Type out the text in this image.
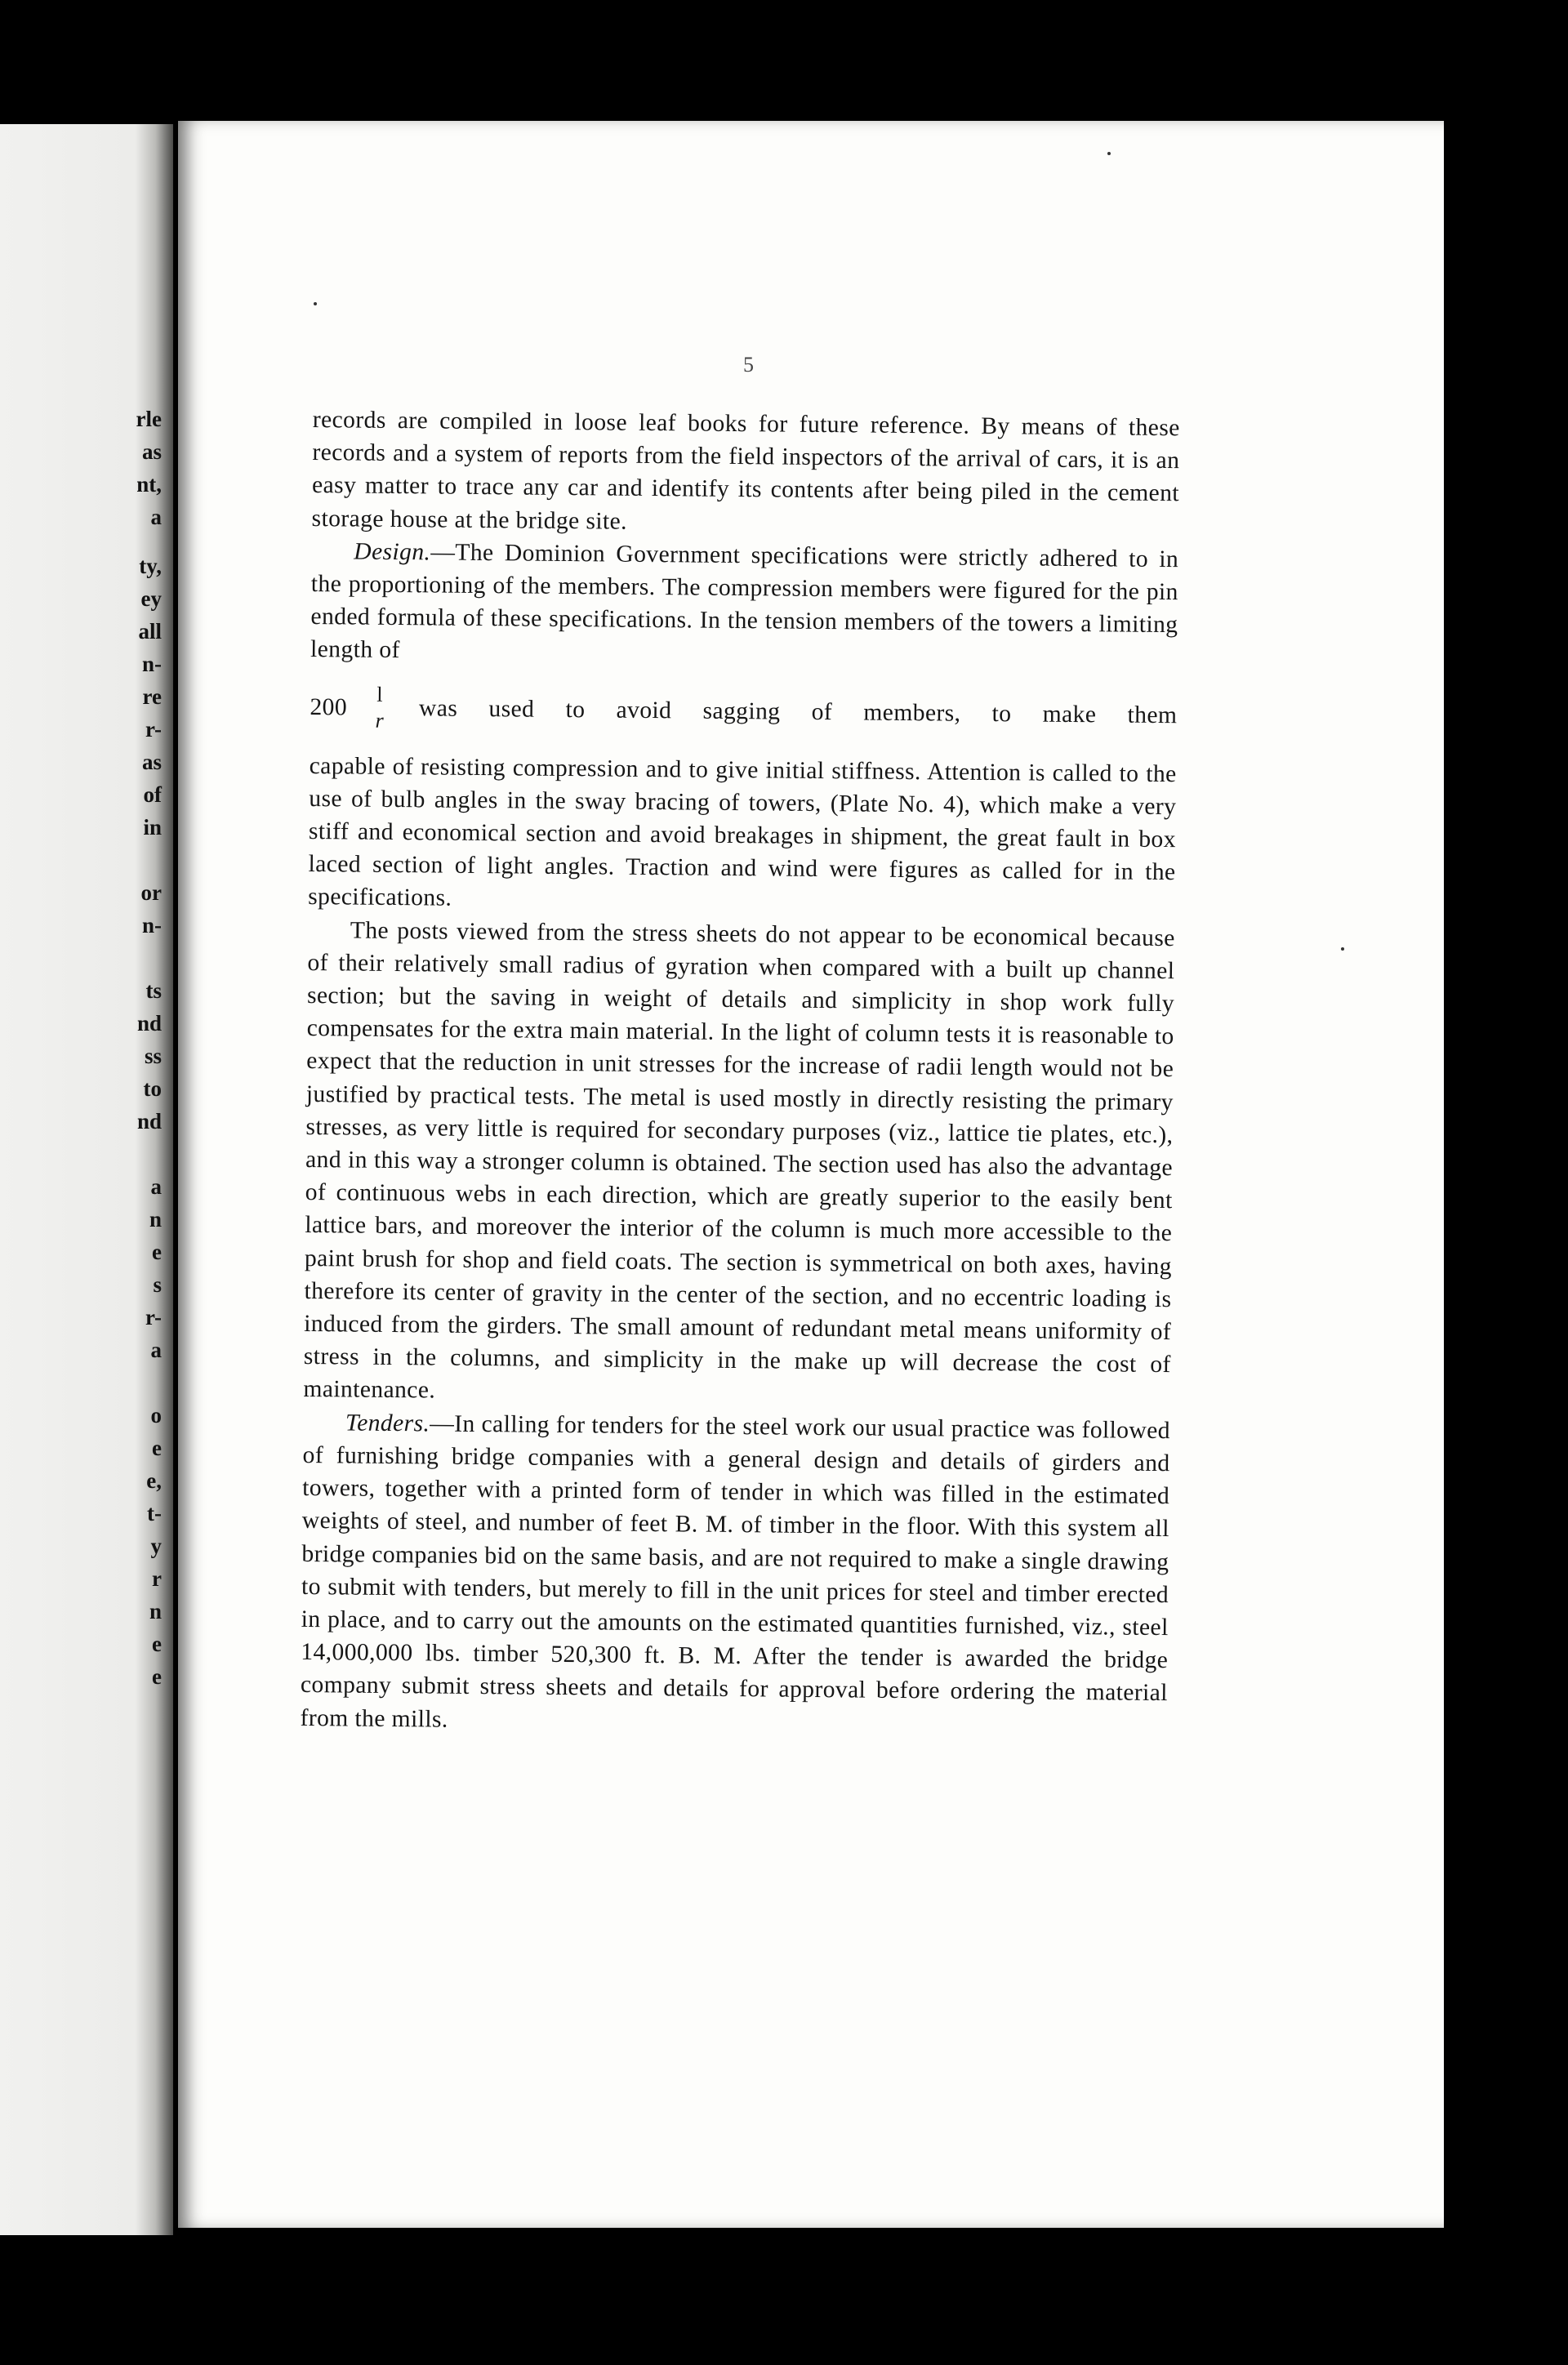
rle
as
nt,
a
ty,
ey
all
n-
re
r-
as
of
in
or
n-
ts
nd
ss
to
nd
a
n
e
s
r-
a
o
e
e,
t-
y
r
n
e
e
5

records are compiled in loose leaf books for future reference. By means of these records and a system of reports from the field inspectors of the arrival of cars, it is an easy matter to trace any car and identify its contents after being piled in the cement storage house at the bridge site.

Design.—The Dominion Government specifications were strictly adhered to in the proportioning of the members. The compression members were figured for the pin ended formula of these specifications. In the tension members of the towers a limiting length of

200 l
r was used to avoid sagging of members, to make them

capable of resisting compression and to give initial stiffness. Attention is called to the use of bulb angles in the sway bracing of towers, (Plate No. 4), which make a very stiff and economical section and avoid breakages in shipment, the great fault in box laced section of light angles. Traction and wind were figures as called for in the specifications.

The posts viewed from the stress sheets do not appear to be economical because of their relatively small radius of gyration when compared with a built up channel section; but the saving in weight of details and simplicity in shop work fully compensates for the extra main material. In the light of column tests it is reasonable to expect that the reduction in unit stresses for the increase of radii length would not be justified by practical tests. The metal is used mostly in directly resisting the primary stresses, as very little is required for secondary purposes (viz., lattice tie plates, etc.), and in this way a stronger column is obtained. The section used has also the advantage of continuous webs in each direction, which are greatly superior to the easily bent lattice bars, and moreover the interior of the column is much more accessible to the paint brush for shop and field coats. The section is symmetrical on both axes, having therefore its center of gravity in the center of the section, and no eccentric loading is induced from the girders. The small amount of redundant metal means uniformity of stress in the columns, and simplicity in the make up will decrease the cost of maintenance.

Tenders.—In calling for tenders for the steel work our usual practice was followed of furnishing bridge companies with a general design and details of girders and towers, together with a printed form of tender in which was filled in the estimated weights of steel, and number of feet B. M. of timber in the floor. With this system all bridge companies bid on the same basis, and are not required to make a single drawing to submit with tenders, but merely to fill in the unit prices for steel and timber erected in place, and to carry out the amounts on the estimated quantities furnished, viz., steel 14,000,000 lbs. timber 520,300 ft. B. M. After the tender is awarded the bridge company submit stress sheets and details for approval before ordering the material from the mills.
